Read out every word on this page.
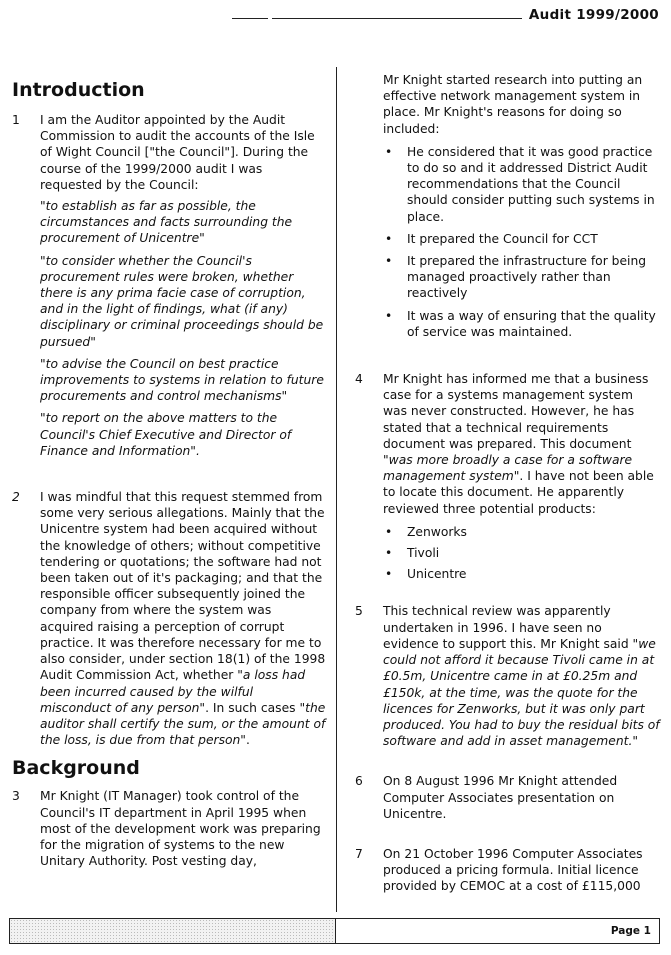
Audit 1999/2000
Introduction
1	I am the Auditor appointed by the Audit Commission to audit the accounts of the Isle of Wight Council ["the Council"]. During the course of the 1999/2000 audit I was requested by the Council:
"to establish as far as possible, the circumstances and facts surrounding the procurement of Unicentre"
"to consider whether the Council's procurement rules were broken, whether there is any prima facie case of corruption, and in the light of findings, what (if any) disciplinary or criminal proceedings should be pursued"
"to advise the Council on best practice improvements to systems in relation to future procurements and control mechanisms"
"to report on the above matters to the Council's Chief Executive and Director of Finance and Information".
2	I was mindful that this request stemmed from some very serious allegations. Mainly that the Unicentre system had been acquired without the knowledge of others; without competitive tendering or quotations; the software had not been taken out of it's packaging; and that the responsible officer subsequently joined the company from where the system was acquired raising a perception of corrupt practice. It was therefore necessary for me to also consider, under section 18(1) of the 1998 Audit Commission Act, whether "a loss had been incurred caused by the wilful misconduct of any person". In such cases "the auditor shall certify the sum, or the amount of the loss, is due from that person".
Background
3	Mr Knight (IT Manager) took control of the Council's IT department in April 1995 when most of the development work was preparing for the migration of systems to the new Unitary Authority. Post vesting day,
Mr Knight started research into putting an effective network management system in place. Mr Knight's reasons for doing so included:
• He considered that it was good practice to do so and it addressed District Audit recommendations that the Council should consider putting such systems in place.
• It prepared the Council for CCT
• It prepared the infrastructure for being managed proactively rather than reactively
• It was a way of ensuring that the quality of service was maintained.
4	Mr Knight has informed me that a business case for a systems management system was never constructed. However, he has stated that a technical requirements document was prepared. This document "was more broadly a case for a software management system". I have not been able to locate this document. He apparently reviewed three potential products:
• Zenworks
• Tivoli
• Unicentre
5	This technical review was apparently undertaken in 1996. I have seen no evidence to support this. Mr Knight said "we could not afford it because Tivoli came in at £0.5m, Unicentre came in at £0.25m and £150k, at the time, was the quote for the licences for Zenworks, but it was only part produced. You had to buy the residual bits of software and add in asset management."
6	On 8 August 1996 Mr Knight attended Computer Associates presentation on Unicentre.
7	On 21 October 1996 Computer Associates produced a pricing formula. Initial licence provided by CEMOC at a cost of £115,000
Page 1
